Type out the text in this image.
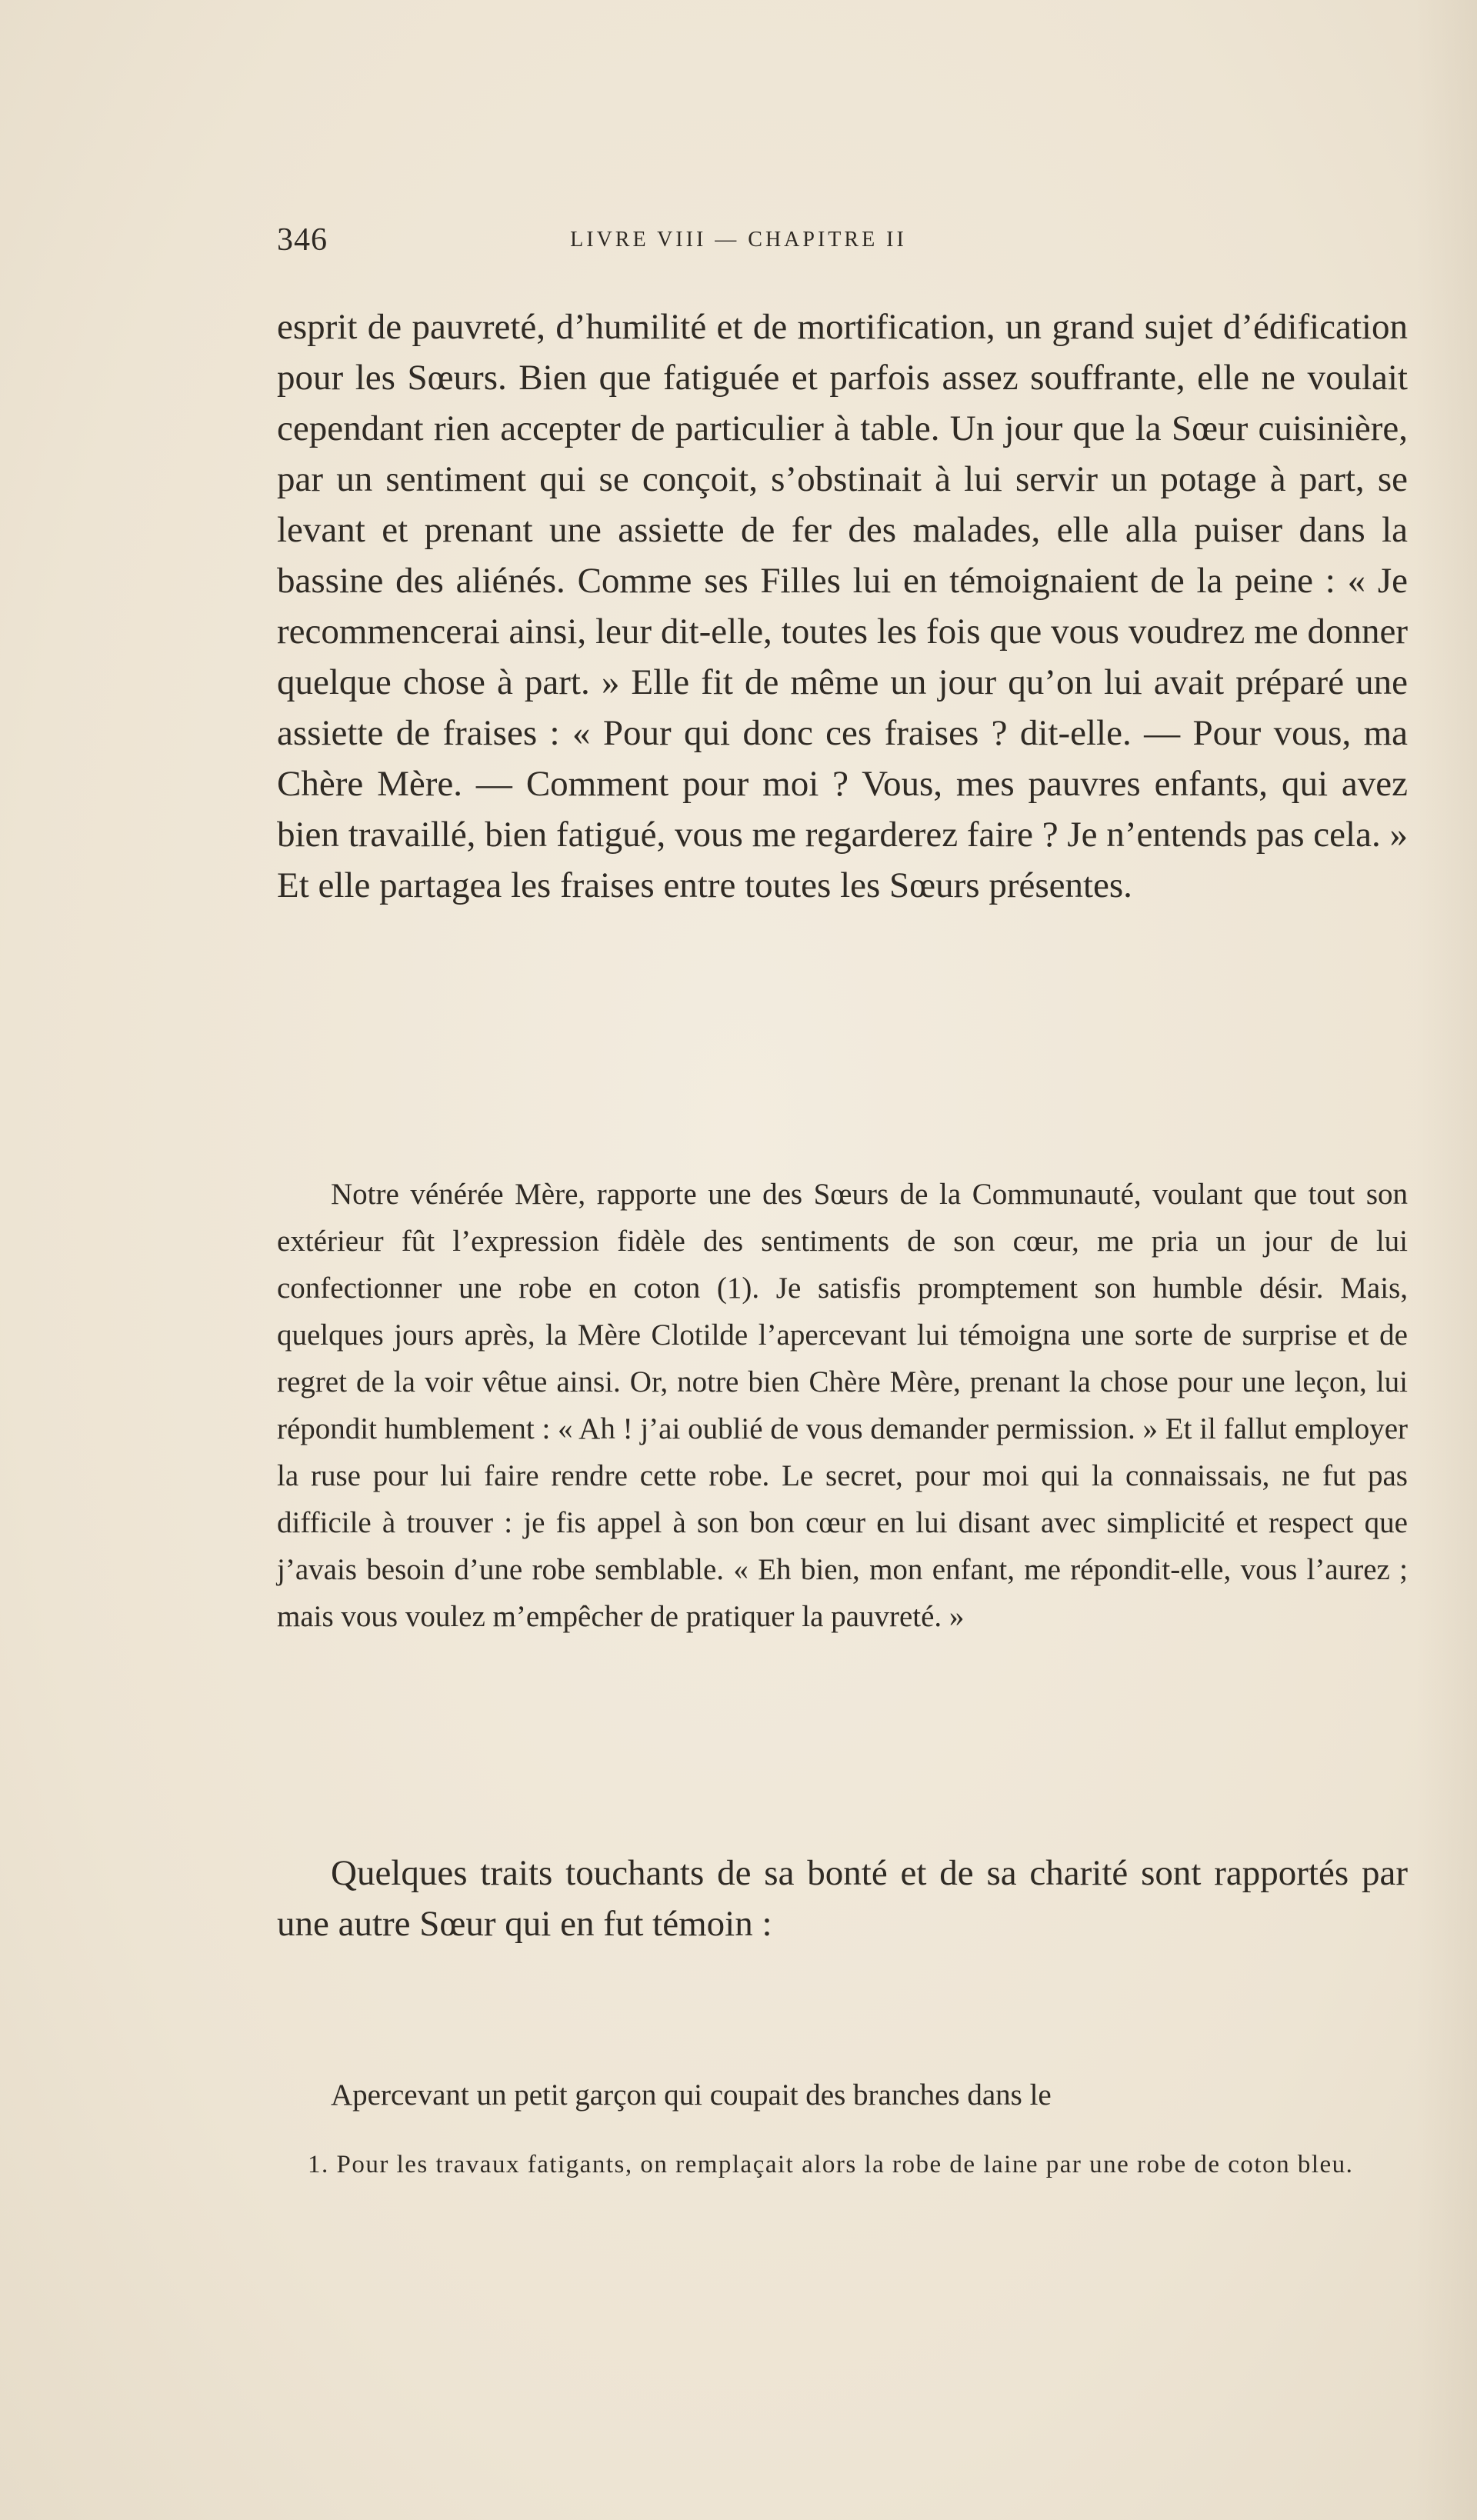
346	LIVRE VIII — CHAPITRE II

esprit de pauvreté, d’humilité et de mortification, un grand sujet d’édification pour les Sœurs. Bien que fatiguée et parfois assez souffrante, elle ne voulait cependant rien accepter de particulier à table. Un jour que la Sœur cuisinière, par un sentiment qui se conçoit, s’obstinait à lui servir un potage à part, se levant et prenant une assiette de fer des malades, elle alla puiser dans la bassine des aliénés. Comme ses Filles lui en témoignaient de la peine : « Je recommencerai ainsi, leur dit-elle, toutes les fois que vous voudrez me donner quelque chose à part. » Elle fit de même un jour qu’on lui avait préparé une assiette de fraises : « Pour qui donc ces fraises ? dit-elle. — Pour vous, ma Chère Mère. — Comment pour moi ? Vous, mes pauvres enfants, qui avez bien travaillé, bien fatigué, vous me regarderez faire ? Je n’entends pas cela. » Et elle partagea les fraises entre toutes les Sœurs présentes.

Notre vénérée Mère, rapporte une des Sœurs de la Communauté, voulant que tout son extérieur fût l’expression fidèle des sentiments de son cœur, me pria un jour de lui confectionner une robe en coton (1). Je satisfis promptement son humble désir. Mais, quelques jours après, la Mère Clotilde l’apercevant lui témoigna une sorte de surprise et de regret de la voir vêtue ainsi. Or, notre bien Chère Mère, prenant la chose pour une leçon, lui répondit humblement : « Ah ! j’ai oublié de vous demander permission. » Et il fallut employer la ruse pour lui faire rendre cette robe. Le secret, pour moi qui la connaissais, ne fut pas difficile à trouver : je fis appel à son bon cœur en lui disant avec simplicité et respect que j’avais besoin d’une robe semblable. « Eh bien, mon enfant, me répondit-elle, vous l’aurez ; mais vous voulez m’empêcher de pratiquer la pauvreté. »

Quelques traits touchants de sa bonté et de sa charité sont rapportés par une autre Sœur qui en fut témoin :

Apercevant un petit garçon qui coupait des branches dans le

1. Pour les travaux fatigants, on remplaçait alors la robe de laine par une robe de coton bleu.
